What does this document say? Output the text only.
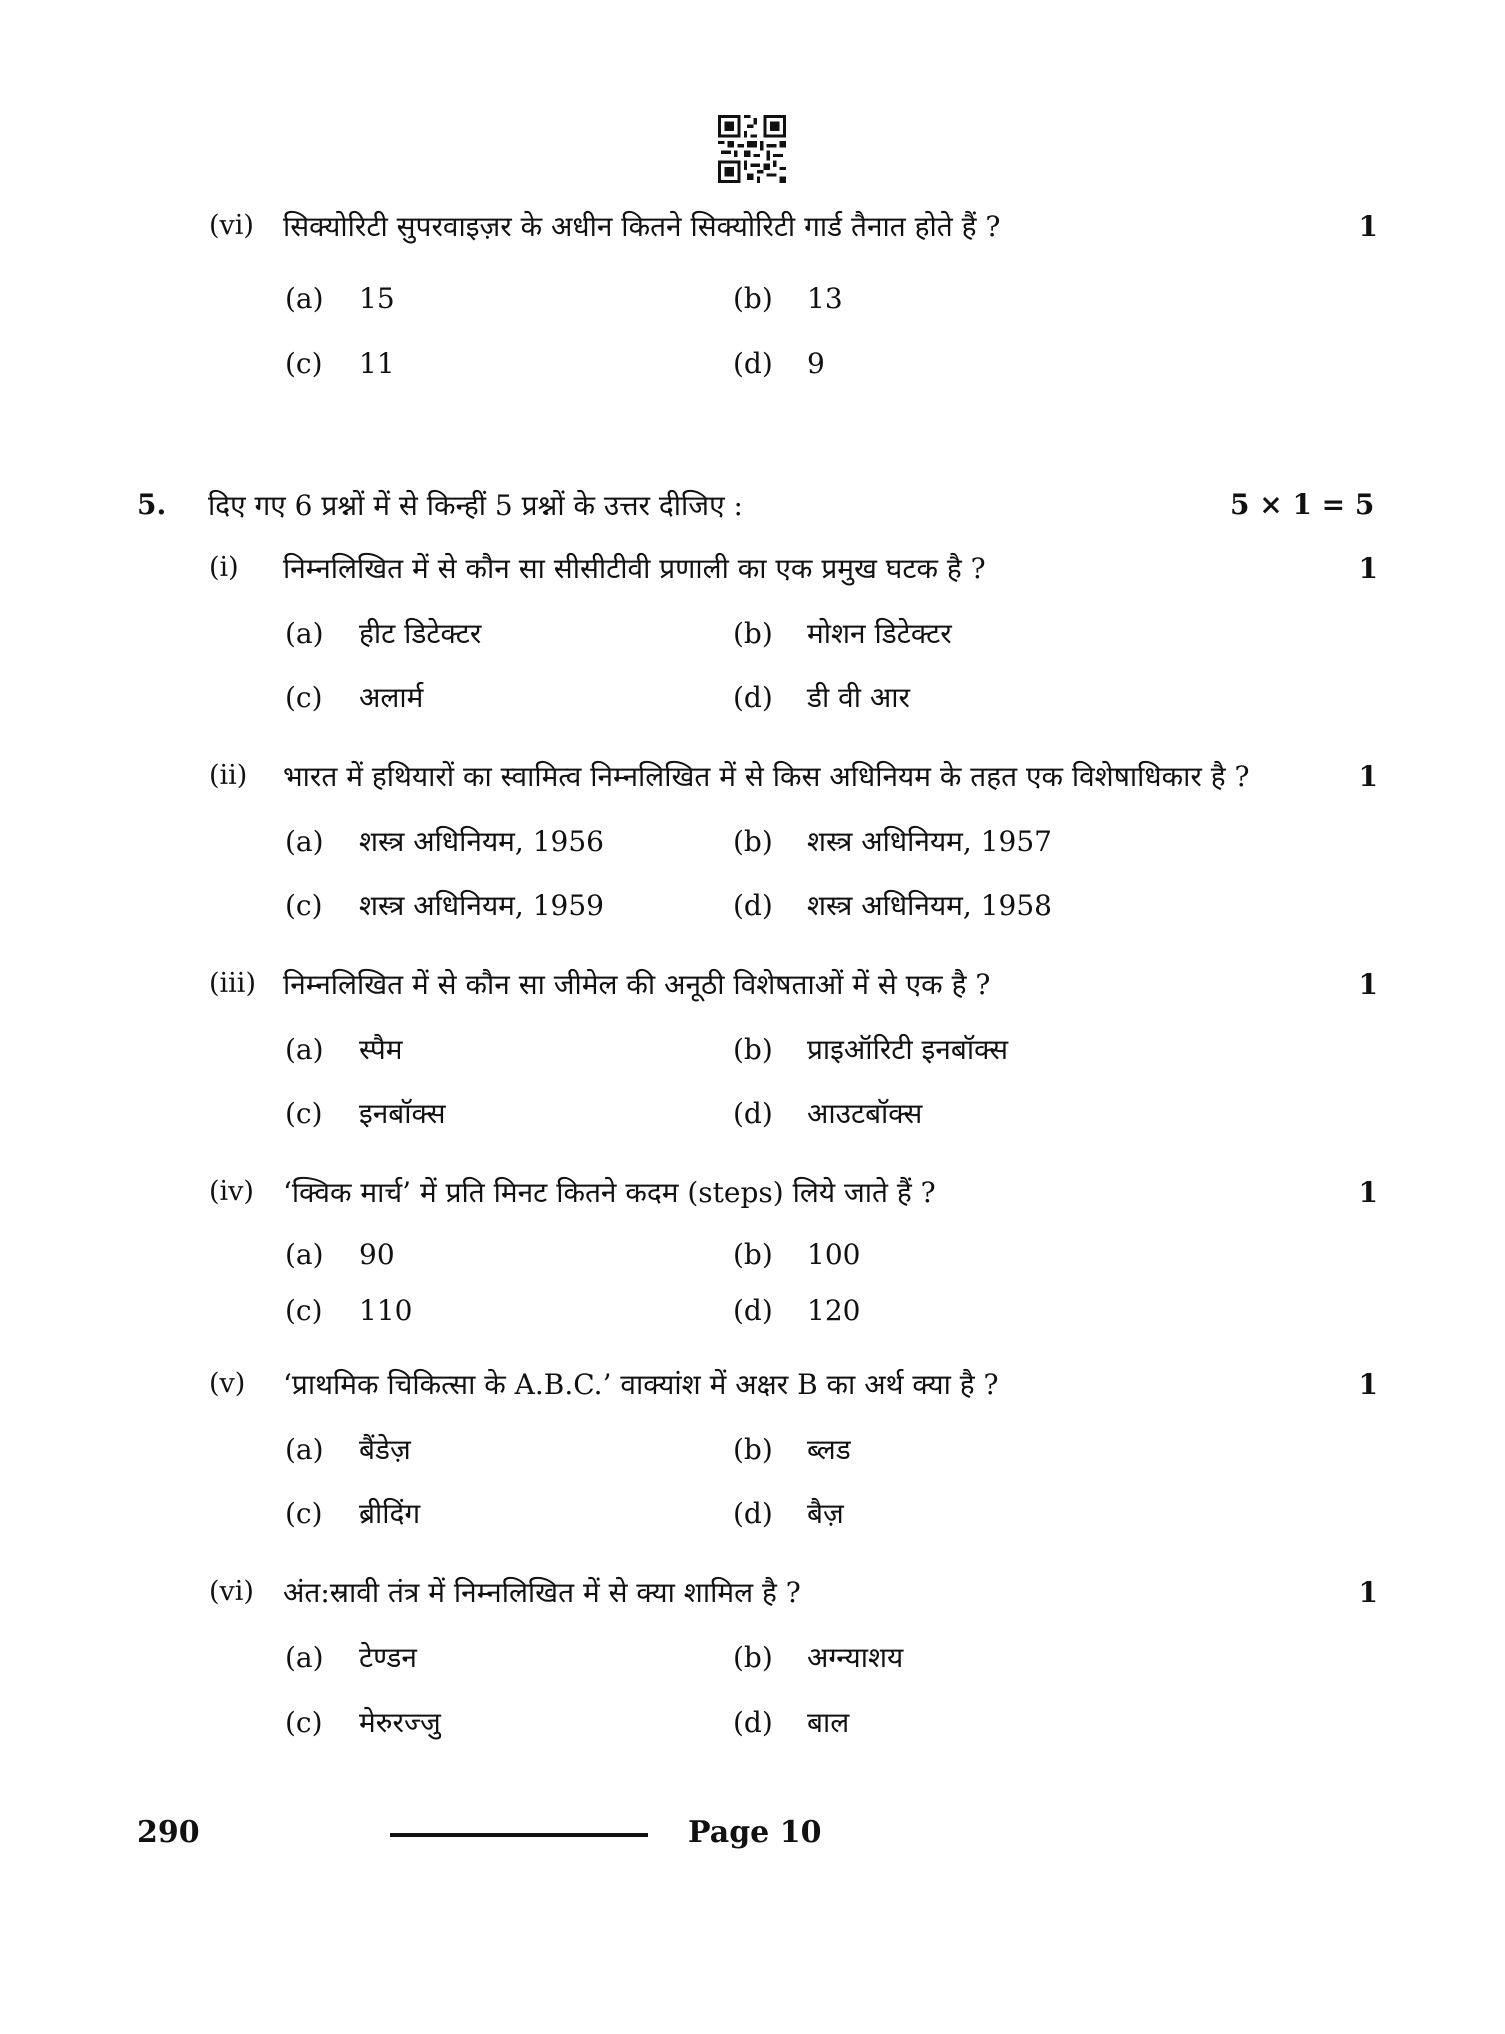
(vi) सिक्योरिटी सुपरवाइज़र के अधीन कितने सिक्योरिटी गार्ड तैनात होते हैं ?	1
(a) 15	(b) 13
(c) 11	(d) 9
5. दिए गए 6 प्रश्नों में से किन्हीं 5 प्रश्नों के उत्तर दीजिए :	5 × 1 = 5
(i) निम्नलिखित में से कौन सा सीसीटीवी प्रणाली का एक प्रमुख घटक है ?	1
(a) हीट डिटेक्टर	(b) मोशन डिटेक्टर
(c) अलार्म	(d) डी वी आर
(ii) भारत में हथियारों का स्वामित्व निम्नलिखित में से किस अधिनियम के तहत एक विशेषाधिकार है ?	1
(a) शस्त्र अधिनियम, 1956	(b) शस्त्र अधिनियम, 1957
(c) शस्त्र अधिनियम, 1959	(d) शस्त्र अधिनियम, 1958
(iii) निम्नलिखित में से कौन सा जीमेल की अनूठी विशेषताओं में से एक है ?	1
(a) स्पैम	(b) प्राइऑरिटी इनबॉक्स
(c) इनबॉक्स	(d) आउटबॉक्स
(iv) ‘क्विक मार्च’ में प्रति मिनट कितने कदम (steps) लिये जाते हैं ?	1
(a) 90	(b) 100
(c) 110	(d) 120
(v) ‘प्राथमिक चिकित्सा के A.B.C.’ वाक्यांश में अक्षर B का अर्थ क्या है ?	1
(a) बैंडेज़	(b) ब्लड
(c) ब्रीदिंग	(d) बैज़
(vi) अंत:स्रावी तंत्र में निम्नलिखित में से क्या शामिल है ?	1
(a) टेण्डन	(b) अग्न्याशय
(c) मेरुरज्जु	(d) बाल
290	Page 10
